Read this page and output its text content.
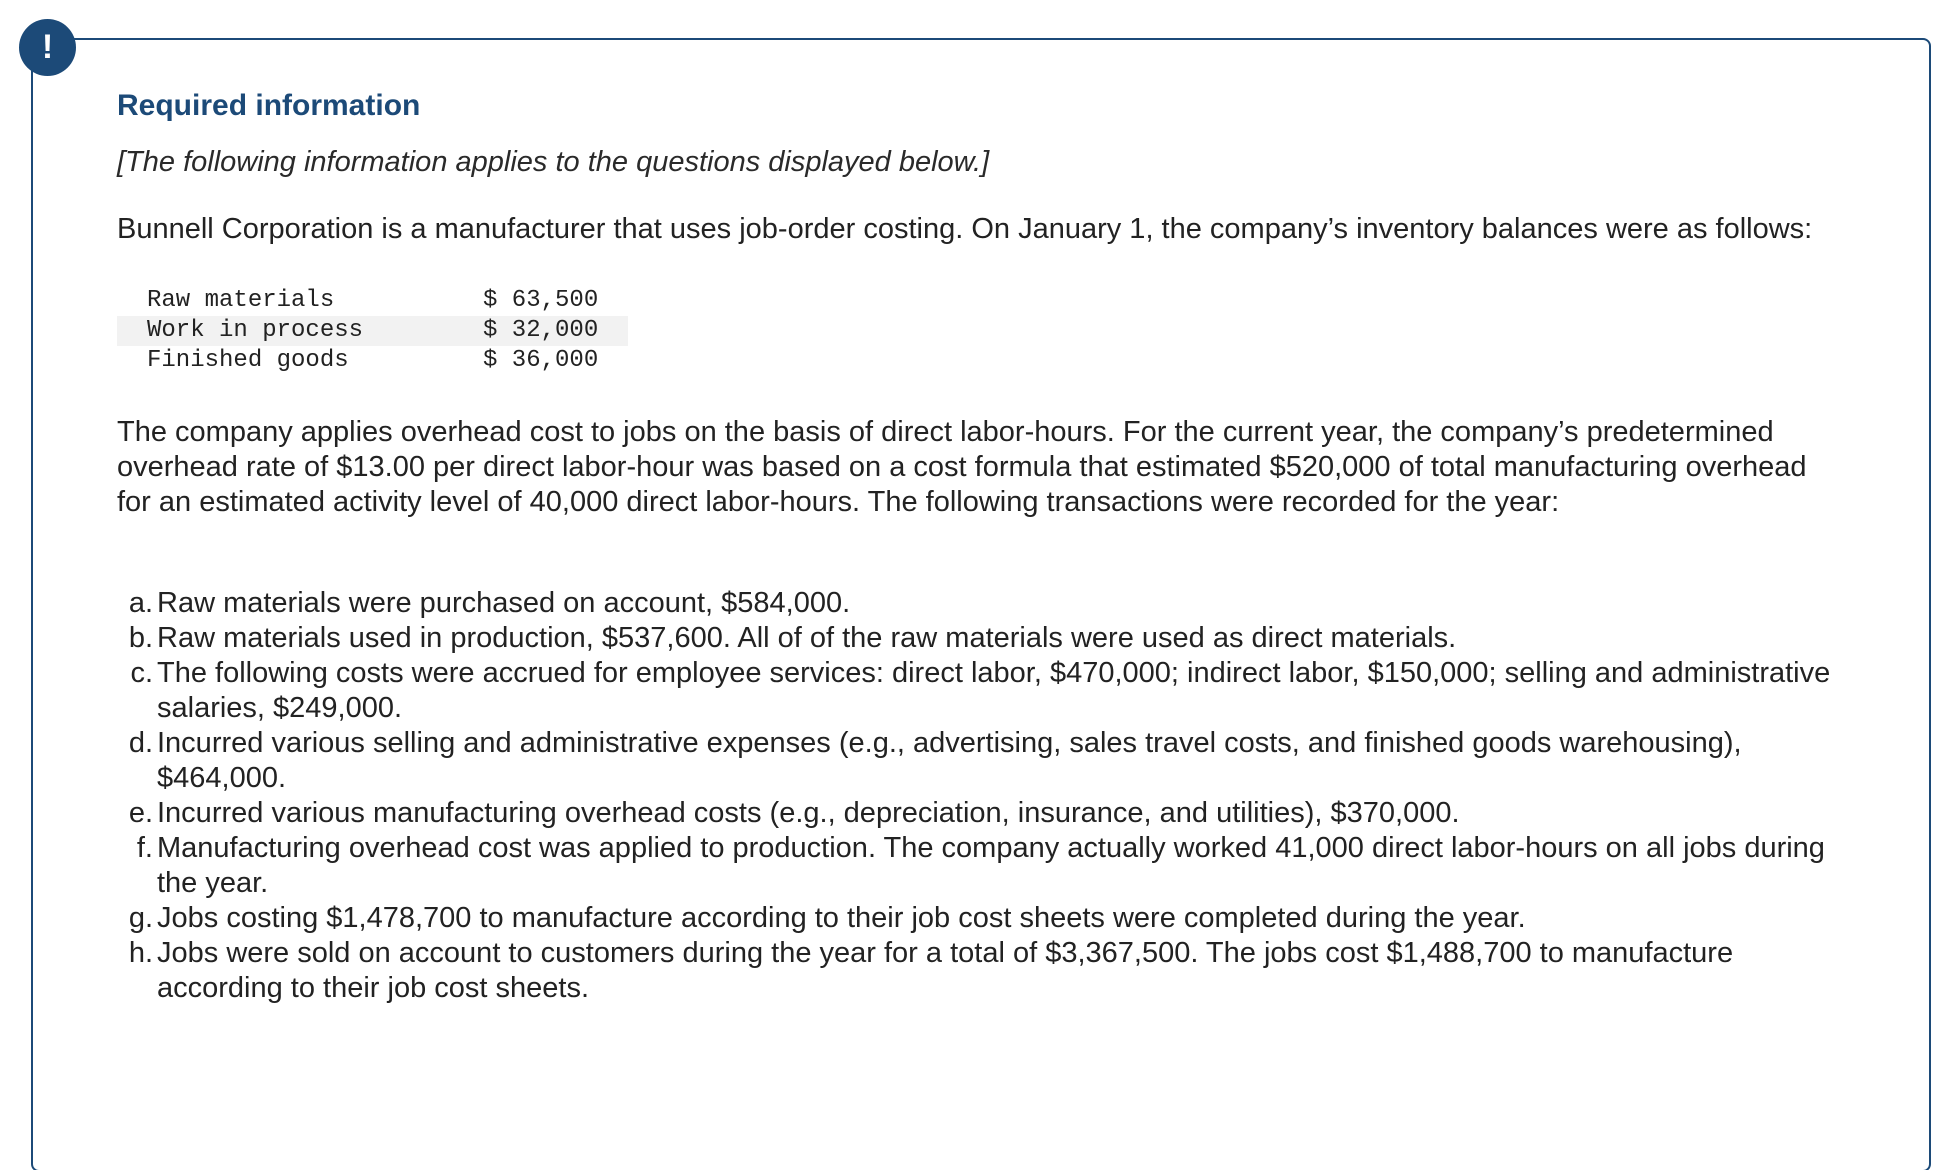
!
Required information

[The following information applies to the questions displayed below.]

Bunnell Corporation is a manufacturer that uses job-order costing. On January 1, the company’s inventory balances were as follows:

Raw materials	$ 63,500
Work in process	$ 32,000
Finished goods	$ 36,000

The company applies overhead cost to jobs on the basis of direct labor-hours. For the current year, the company’s predetermined overhead rate of $13.00 per direct labor-hour was based on a cost formula that estimated $520,000 of total manufacturing overhead for an estimated activity level of 40,000 direct labor-hours. The following transactions were recorded for the year:

a. Raw materials were purchased on account, $584,000.
b. Raw materials used in production, $537,600. All of of the raw materials were used as direct materials.
c. The following costs were accrued for employee services: direct labor, $470,000; indirect labor, $150,000; selling and administrative salaries, $249,000.
d. Incurred various selling and administrative expenses (e.g., advertising, sales travel costs, and finished goods warehousing), $464,000.
e. Incurred various manufacturing overhead costs (e.g., depreciation, insurance, and utilities), $370,000.
f. Manufacturing overhead cost was applied to production. The company actually worked 41,000 direct labor-hours on all jobs during the year.
g. Jobs costing $1,478,700 to manufacture according to their job cost sheets were completed during the year.
h. Jobs were sold on account to customers during the year for a total of $3,367,500. The jobs cost $1,488,700 to manufacture according to their job cost sheets.
